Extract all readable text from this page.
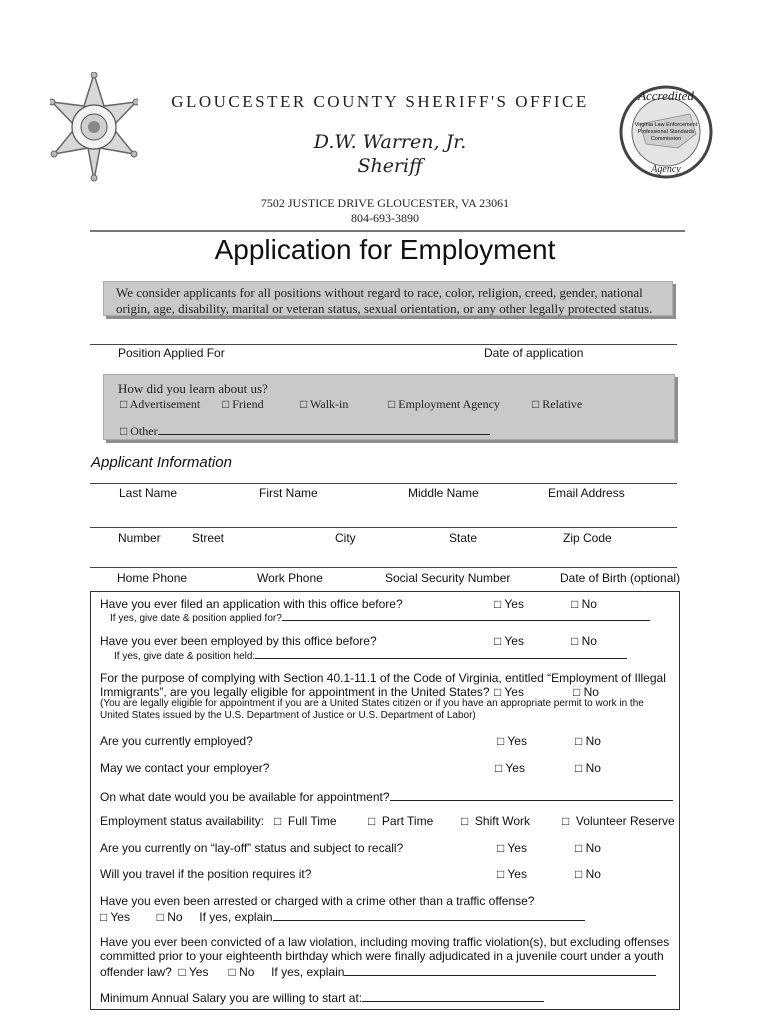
Accredited
Virginia Law Enforcement
Professional Standards
Commission
Agency
GLOUCESTER COUNTY SHERIFF'S OFFICE
D.W. Warren, Jr.
Sheriff
7502 JUSTICE DRIVE GLOUCESTER, VA 23061
804-693-3890
Application for Employment
We consider applicants for all positions without regard to race, color, religion, creed, gender, national origin, age, disability, marital or veteran status, sexual orientation, or any other legally protected status.
Position Applied For	Date of application
How did you learn about us?
□ Advertisement □ Friend	□ Walk-in	□ Employment Agency	□ Relative
□ Other
Applicant Information
Last Name	First Name	Middle Name	Email Address
Number	Street	City	State	Zip Code
Home Phone	Work Phone	Social Security Number	Date of Birth (optional)
Have you ever filed an application with this office before?	□ Yes	□ No
If yes, give date & position applied for?
Have you ever been employed by this office before?	□ Yes	□ No
If yes, give date & position held:
For the purpose of complying with Section 40.1-11.1 of the Code of Virginia, entitled “Employment of Illegal
Immigrants”, are you legally eligible for appointment in the United States? □ Yes	□ No
(You are legally eligible for appointment if you are a United States citizen or if you have an appropriate permit to work in the
United States issued by the U.S. Department of Justice or U.S. Department of Labor)
Are you currently employed?	□ Yes	□ No
May we contact your employer?	□ Yes	□ No
On what date would you be available for appointment?
Employment status availability: □  Full Time	□  Part Time □  Shift Work	□  Volunteer Reserve
Are you currently on “lay-off” status and subject to recall?	□ Yes	□ No
Will you travel if the position requires it?	□ Yes	□ No
Have you even been arrested or charged with a crime other than a traffic offense?
□ Yes □ No If yes, explain
Have you ever been convicted of a law violation, including moving traffic violation(s), but excluding offenses
committed prior to your eighteenth birthday which were finally adjudicated in a juvenile court under a youth
offender law? □ Yes □ No If yes, explain
Minimum Annual Salary you are willing to start at:
